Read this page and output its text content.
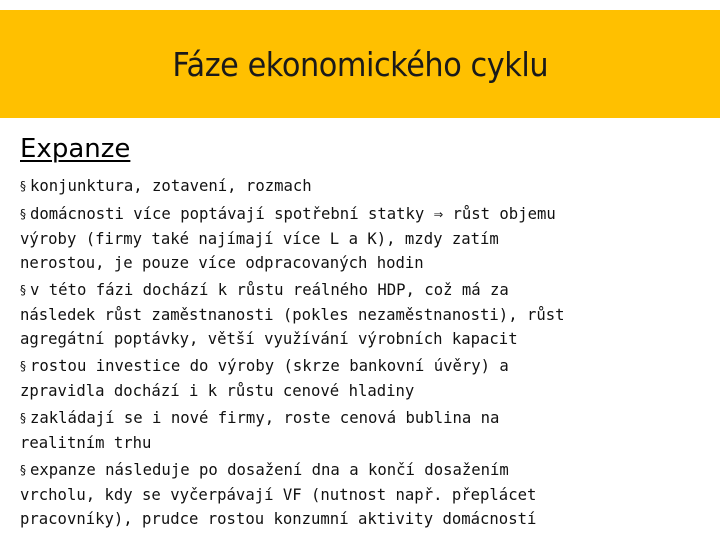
Fáze ekonomického cyklu
Expanze
§ konjunktura, zotavení, rozmach
§ domácnosti více poptávají spotřební statky ⇒ růst objemu
výroby (firmy také najímají více L a K), mzdy zatím
nerostou, je pouze více odpracovaných hodin
§ v této fázi dochází k růstu reálného HDP, což má za
následek růst zaměstnanosti (pokles nezaměstnanosti), růst
agregátní poptávky, větší využívání výrobních kapacit
§ rostou investice do výroby (skrze bankovní úvěry) a
zpravidla dochází i k růstu cenové hladiny
§ zakládají se i nové firmy, roste cenová bublina na
realitním trhu
§ expanze následuje po dosažení dna a končí dosažením
vrcholu, kdy se vyčerpávají VF (nutnost např. přeplácet
pracovníky), prudce rostou konzumní aktivity domácností
